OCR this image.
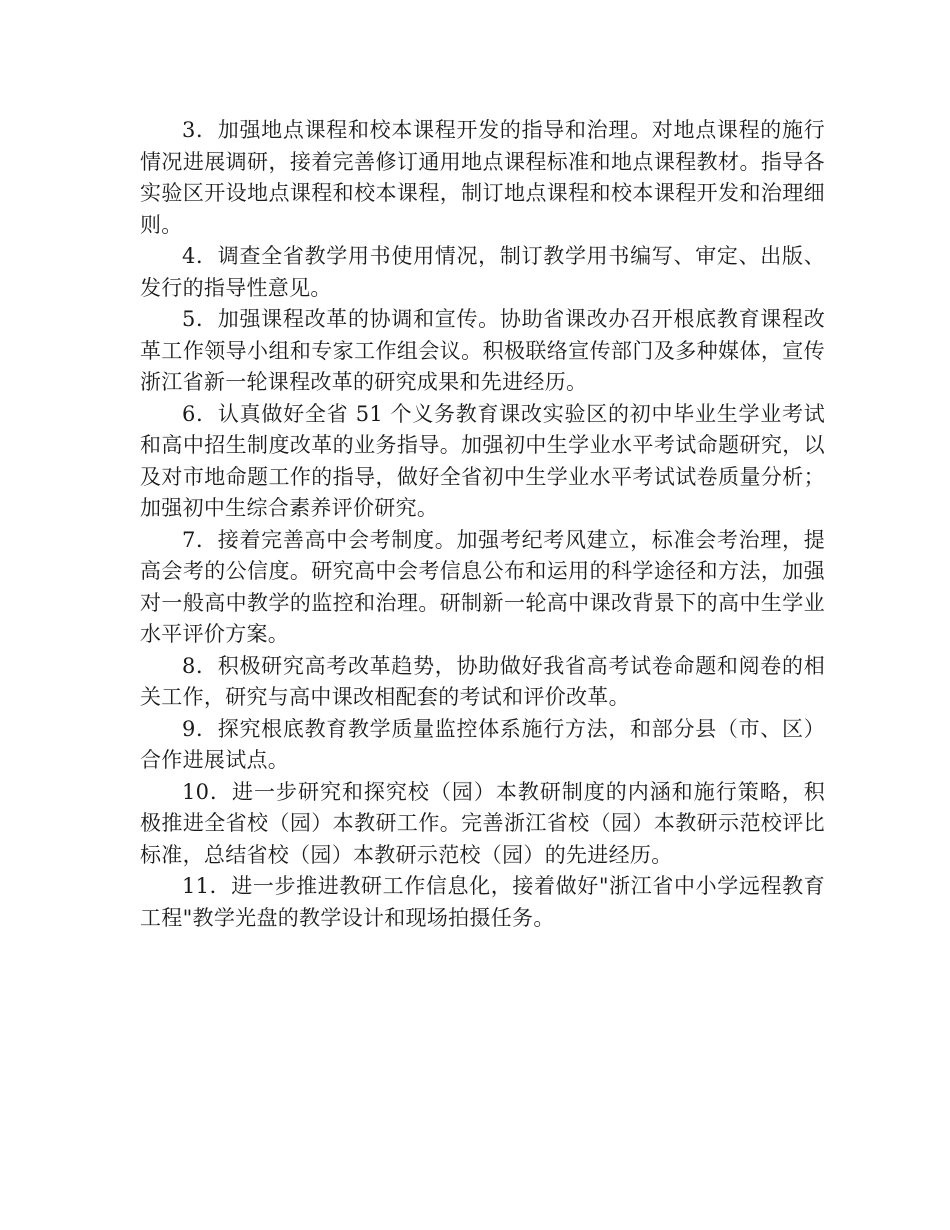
3．加强地点课程和校本课程开发的指导和治理。对地点课程的施行情况进展调研，接着完善修订通用地点课程标准和地点课程教材。指导各实验区开设地点课程和校本课程，制订地点课程和校本课程开发和治理细则。

4．调查全省教学用书使用情况，制订教学用书编写、审定、出版、发行的指导性意见。

5．加强课程改革的协调和宣传。协助省课改办召开根底教育课程改革工作领导小组和专家工作组会议。积极联络宣传部门及多种媒体，宣传浙江省新一轮课程改革的研究成果和先进经历。

6．认真做好全省 51 个义务教育课改实验区的初中毕业生学业考试和高中招生制度改革的业务指导。加强初中生学业水平考试命题研究，以及对市地命题工作的指导，做好全省初中生学业水平考试试卷质量分析；加强初中生综合素养评价研究。

7．接着完善高中会考制度。加强考纪考风建立，标准会考治理，提高会考的公信度。研究高中会考信息公布和运用的科学途径和方法，加强对一般高中教学的监控和治理。研制新一轮高中课改背景下的高中生学业水平评价方案。

8．积极研究高考改革趋势，协助做好我省高考试卷命题和阅卷的相关工作，研究与高中课改相配套的考试和评价改革。

9．探究根底教育教学质量监控体系施行方法，和部分县（市、区）合作进展试点。

10．进一步研究和探究校（园）本教研制度的内涵和施行策略，积极推进全省校（园）本教研工作。完善浙江省校（园）本教研示范校评比标准，总结省校（园）本教研示范校（园）的先进经历。

11．进一步推进教研工作信息化，接着做好"浙江省中小学远程教育工程"教学光盘的教学设计和现场拍摄任务。
